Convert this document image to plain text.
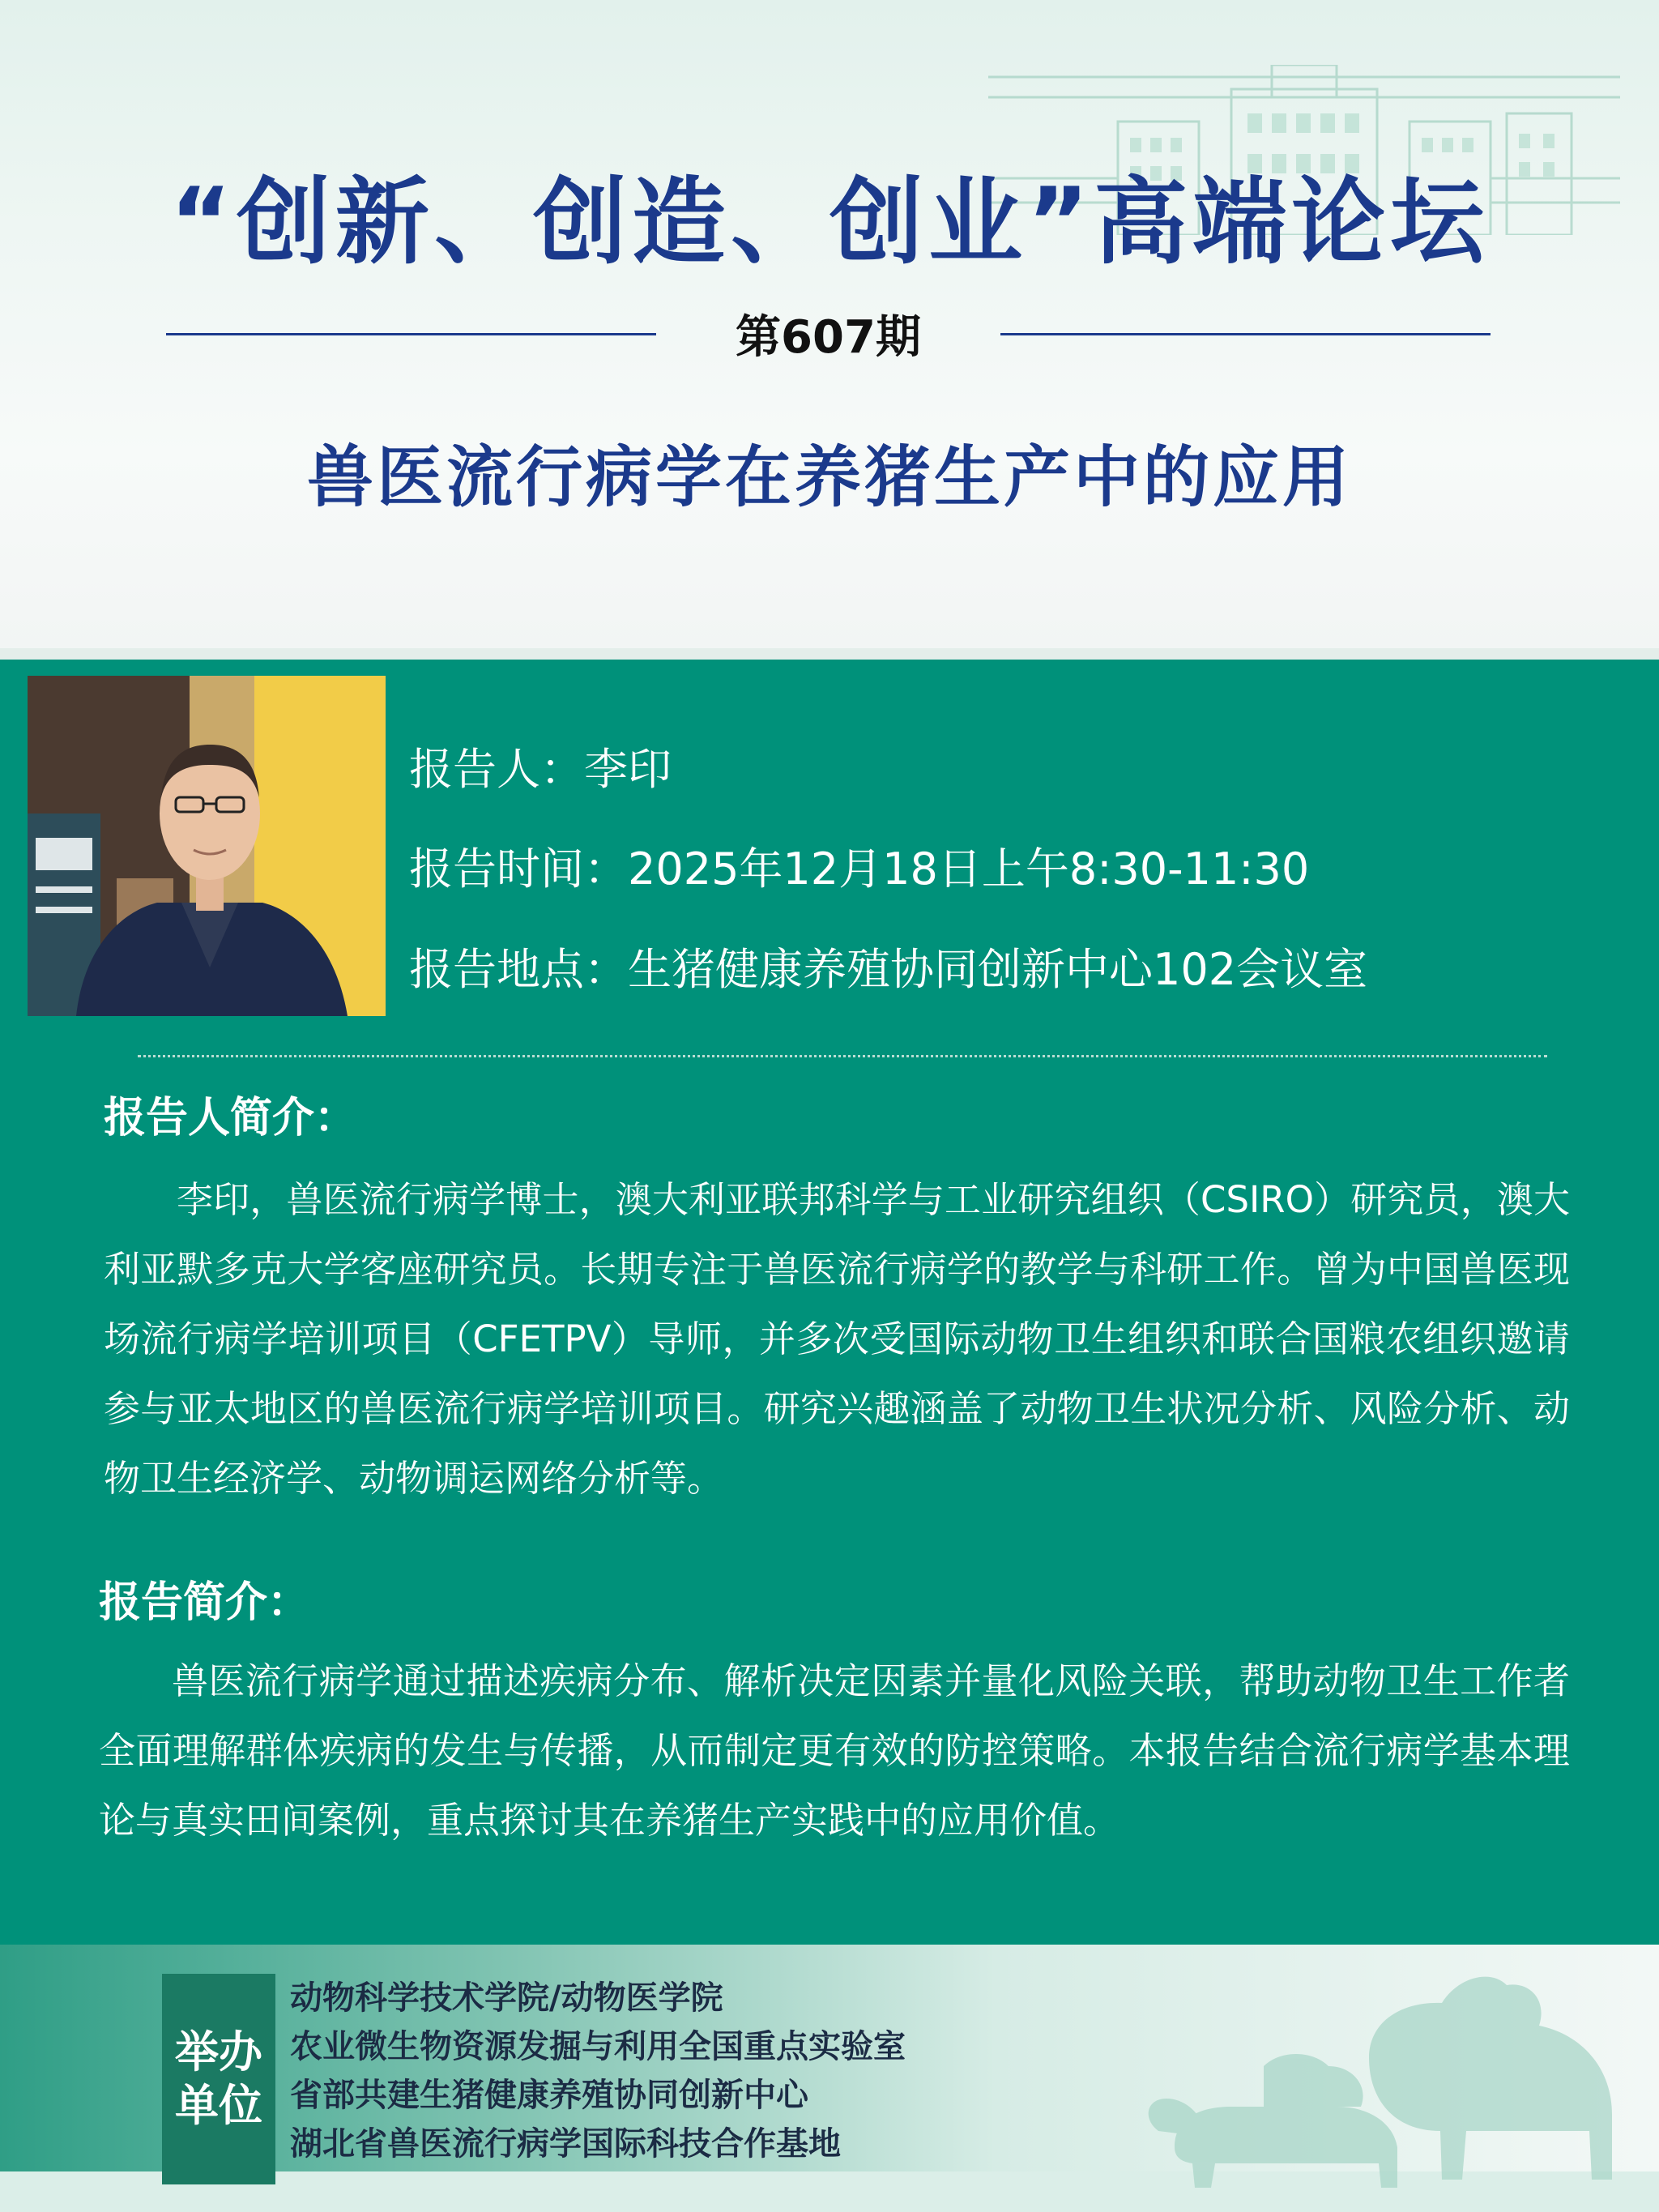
“创新、创造、创业”高端论坛
第607期
兽医流行病学在养猪生产中的应用
报告人：李印
报告时间：2025年12月18日上午8:30-11:30
报告地点：生猪健康养殖协同创新中心102会议室
报告人简介：
李印，兽医流行病学博士，澳大利亚联邦科学与工业研究组织（CSIRO）研究员，澳大利亚默多克大学客座研究员。长期专注于兽医流行病学的教学与科研工作。曾为中国兽医现场流行病学培训项目（CFETPV）导师，并多次受国际动物卫生组织和联合国粮农组织邀请参与亚太地区的兽医流行病学培训项目。研究兴趣涵盖了动物卫生状况分析、风险分析、动物卫生经济学、动物调运网络分析等。
报告简介：
兽医流行病学通过描述疾病分布、解析决定因素并量化风险关联，帮助动物卫生工作者全面理解群体疾病的发生与传播，从而制定更有效的防控策略。本报告结合流行病学基本理论与真实田间案例，重点探讨其在养猪生产实践中的应用价值。
举办
单位
动物科学技术学院/动物医学院
农业微生物资源发掘与利用全国重点实验室
省部共建生猪健康养殖协同创新中心
湖北省兽医流行病学国际科技合作基地
